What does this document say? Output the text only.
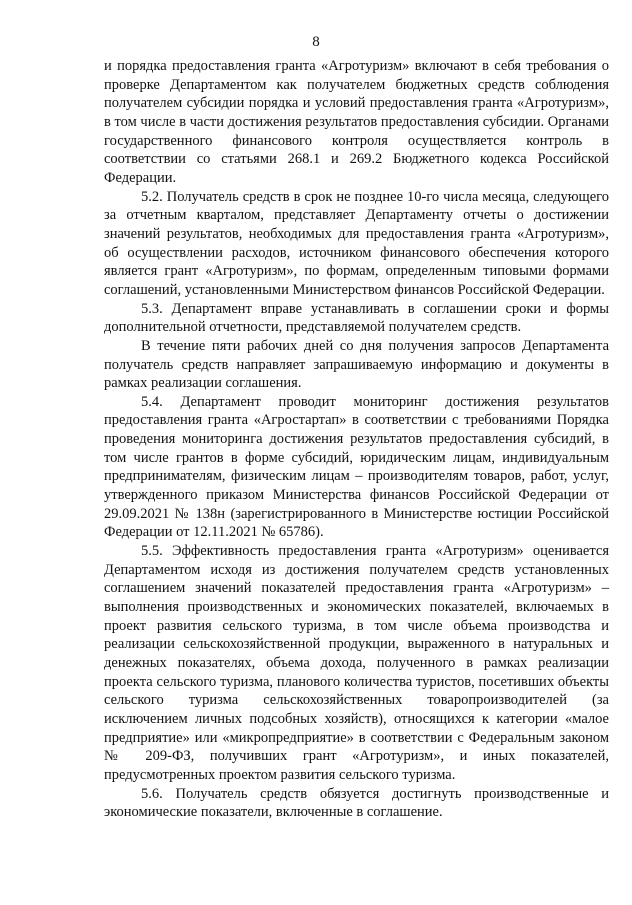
8

и порядка предоставления гранта «Агротуризм» включают в себя требования о проверке Департаментом как получателем бюджетных средств соблюдения получателем субсидии порядка и условий предоставления гранта «Агротуризм», в том числе в части достижения результатов предоставления субсидии. Органами государственного финансового контроля осуществляется контроль в соответствии со статьями 268.1 и 269.2 Бюджетного кодекса Российской Федерации.

5.2. Получатель средств в срок не позднее 10-го числа месяца, следующего за отчетным кварталом, представляет Департаменту отчеты о достижении значений результатов, необходимых для предоставления гранта «Агротуризм», об осуществлении расходов, источником финансового обеспечения которого является грант «Агротуризм», по формам, определенным типовыми формами соглашений, установленными Министерством финансов Российской Федерации.

5.3. Департамент вправе устанавливать в соглашении сроки и формы дополнительной отчетности, представляемой получателем средств.

В течение пяти рабочих дней со дня получения запросов Департамента получатель средств направляет запрашиваемую информацию и документы в рамках реализации соглашения.

5.4. Департамент проводит мониторинг достижения результатов предоставления гранта «Агростартап» в соответствии с требованиями Порядка проведения мониторинга достижения результатов предоставления субсидий, в том числе грантов в форме субсидий, юридическим лицам, индивидуальным предпринимателям, физическим лицам – производителям товаров, работ, услуг, утвержденного приказом Министерства финансов Российской Федерации от 29.09.2021 № 138н (зарегистрированного в Министерстве юстиции Российской Федерации от 12.11.2021 № 65786).

5.5. Эффективность предоставления гранта «Агротуризм» оценивается Департаментом исходя из достижения получателем средств установленных соглашением значений показателей предоставления гранта «Агротуризм» – выполнения производственных и экономических показателей, включаемых в проект развития сельского туризма, в том числе объема производства и реализации сельскохозяйственной продукции, выраженного в натуральных и денежных показателях, объема дохода, полученного в рамках реализации проекта сельского туризма, планового количества туристов, посетивших объекты сельского туризма сельскохозяйственных товаропроизводителей (за исключением личных подсобных хозяйств), относящихся к категории «малое предприятие» или «микропредприятие» в соответствии с Федеральным законом № 209-ФЗ, получивших грант «Агротуризм», и иных показателей, предусмотренных проектом развития сельского туризма.

5.6. Получатель средств обязуется достигнуть производственные и экономические показатели, включенные в соглашение.
